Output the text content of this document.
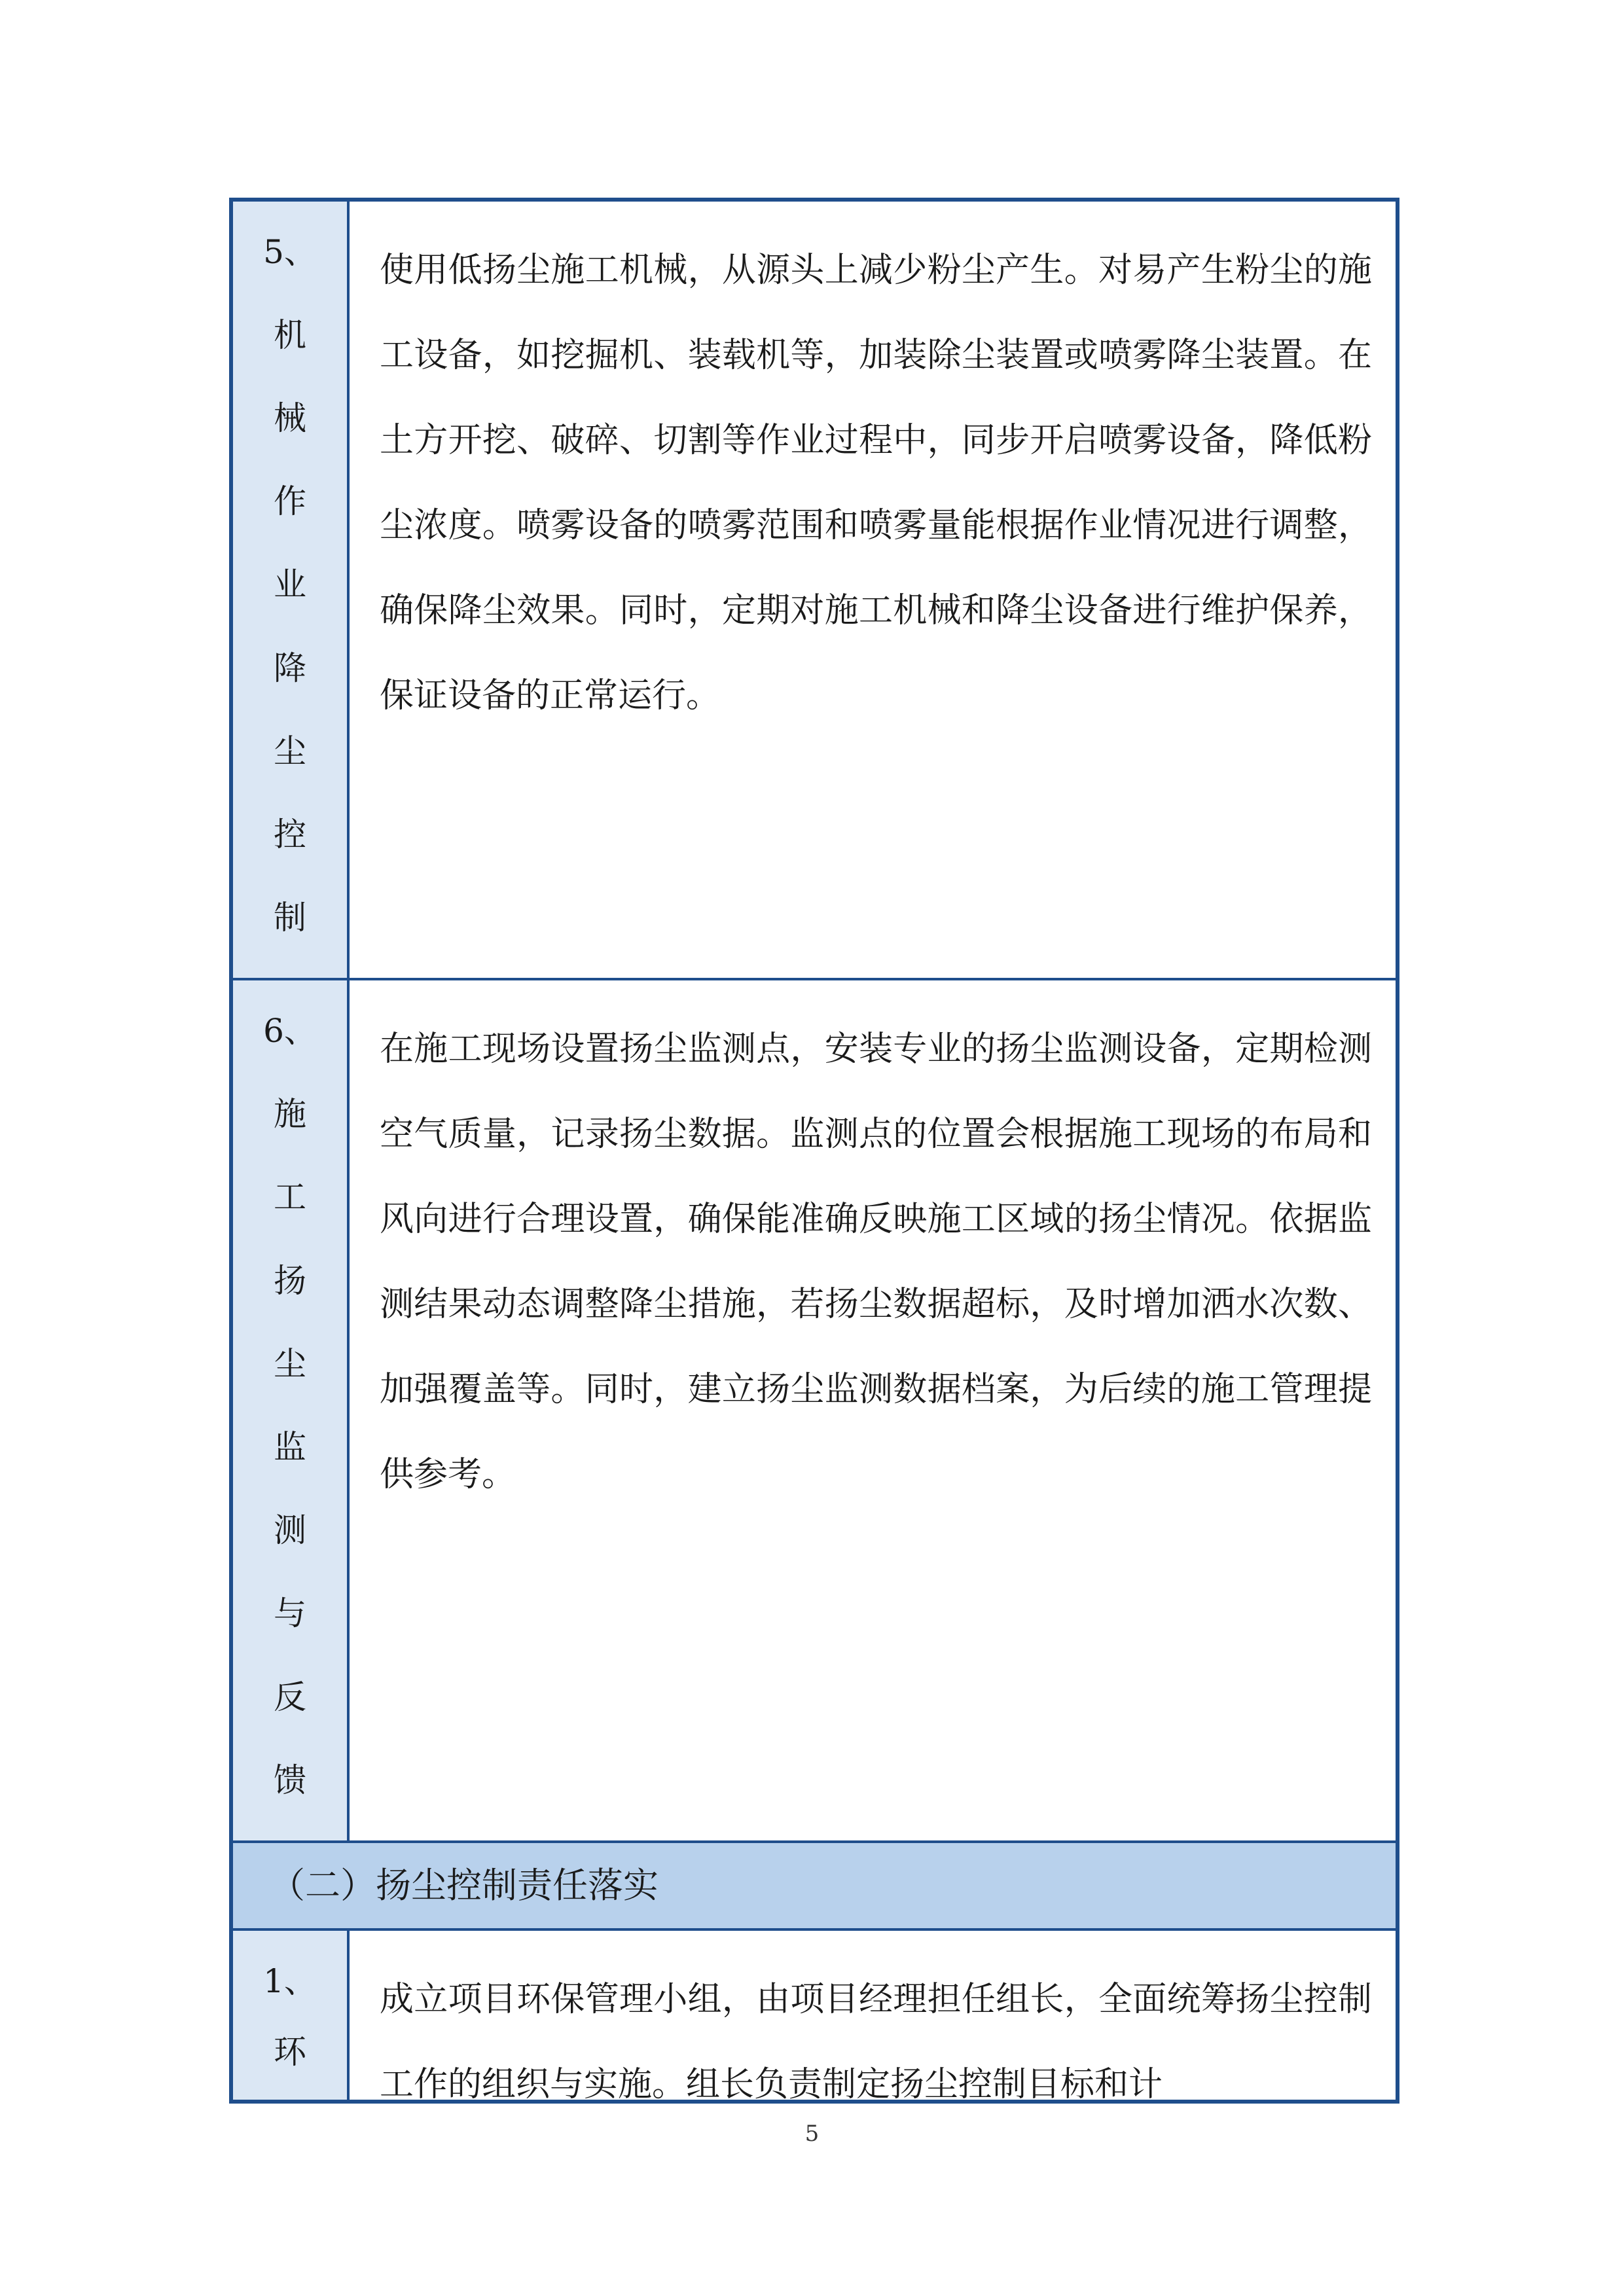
5、
机
械
作
业
降
尘
控
制
使用低扬尘施工机械，从源头上减少粉尘产生。对易产生粉尘的施工设备，如挖掘机、装载机等，加装除尘装置或喷雾降尘装置。在土方开挖、破碎、切割等作业过程中，同步开启喷雾设备，降低粉尘浓度。喷雾设备的喷雾范围和喷雾量能根据作业情况进行调整，确保降尘效果。同时，定期对施工机械和降尘设备进行维护保养，保证设备的正常运行。
6、
施
工
扬
尘
监
测
与
反
馈
在施工现场设置扬尘监测点，安装专业的扬尘监测设备，定期检测空气质量，记录扬尘数据。监测点的位置会根据施工现场的布局和风向进行合理设置，确保能准确反映施工区域的扬尘情况。依据监测结果动态调整降尘措施，若扬尘数据超标，及时增加洒水次数、加强覆盖等。同时，建立扬尘监测数据档案，为后续的施工管理提供参考。
（二）扬尘控制责任落实
1、
环
成立项目环保管理小组，由项目经理担任组长，全面统筹扬尘控制工作的组织与实施。组长负责制定扬尘控制目标和计
5
